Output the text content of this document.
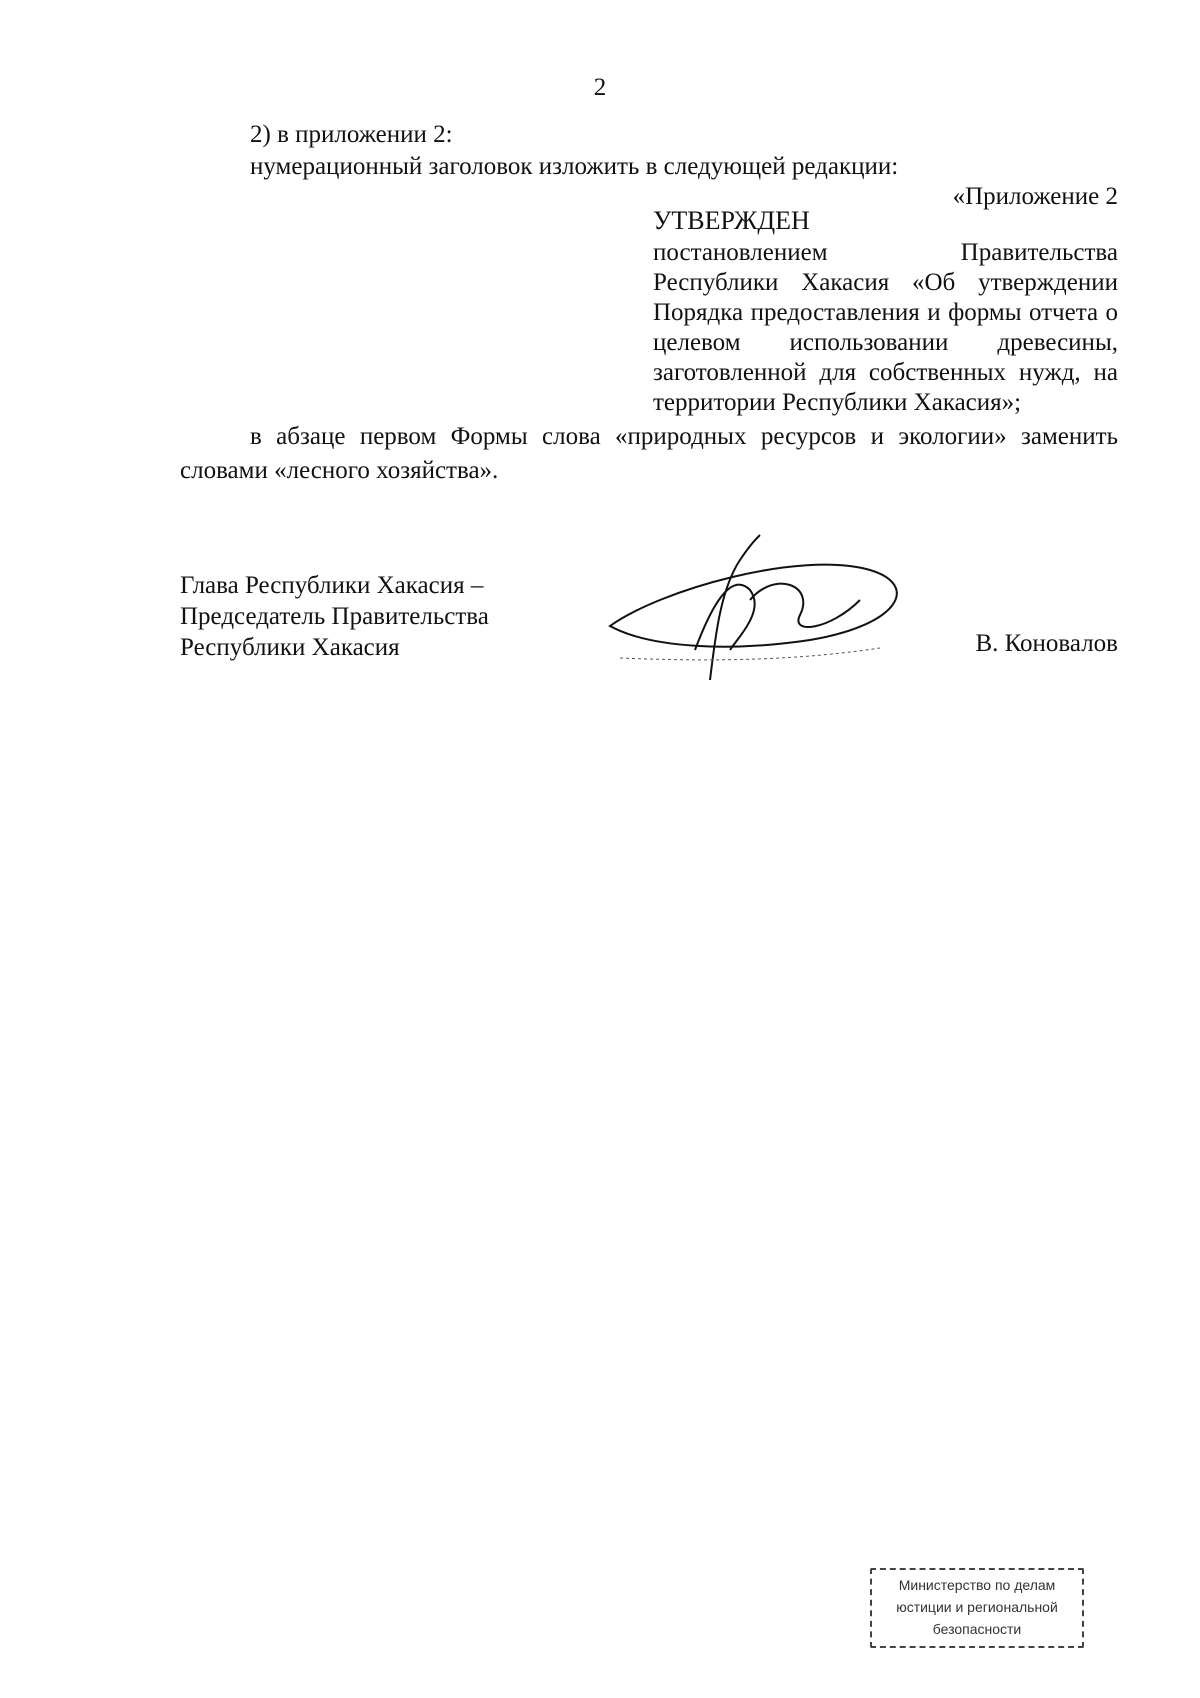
2
2) в приложении 2:
нумерационный заголовок изложить в следующей редакции:
«Приложение 2
УТВЕРЖДЕН
постановлением Правительства Республики Хакасия «Об утверждении Порядка предоставления и формы отчета о целевом использовании древесины, заготовленной для собственных нужд, на территории Республики Хакасия»;
в абзаце первом Формы слова «природных ресурсов и экологии» заменить словами «лесного хозяйства».
Глава Республики Хакасия –
Председатель Правительства
Республики Хакасия	В. Коновалов
Министерство по делам
юстиции и региональной
безопасности
